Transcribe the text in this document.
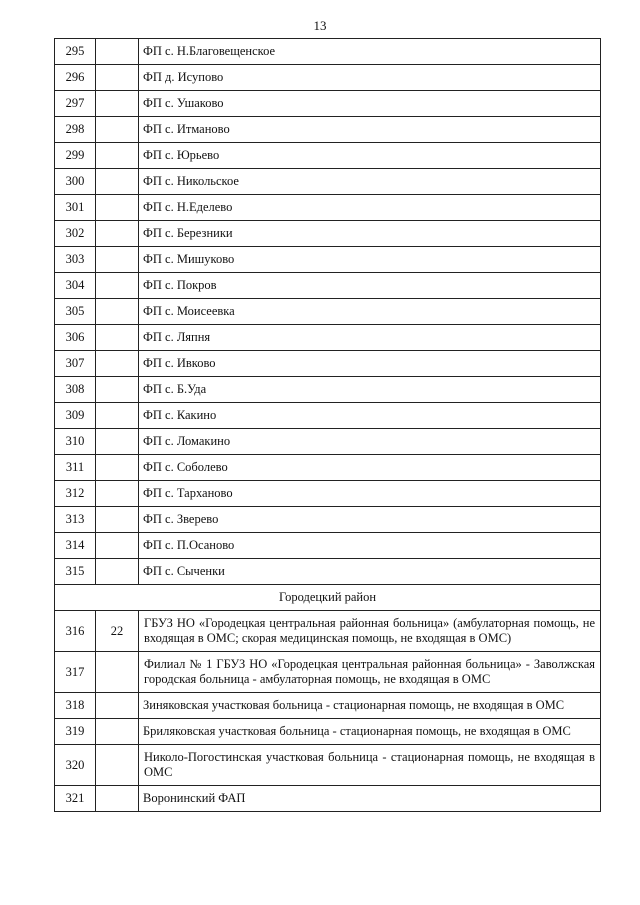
13
295		ФП с. Н.Благовещенское
296		ФП д. Исупово
297		ФП с. Ушаково
298		ФП с. Итманово
299		ФП с. Юрьево
300		ФП с. Никольское
301		ФП с. Н.Еделево
302		ФП с. Березники
303		ФП с. Мишуково
304		ФП с. Покров
305		ФП с. Моисеевка
306		ФП с. Ляпня
307		ФП с. Ивково
308		ФП с. Б.Уда
309		ФП с. Какино
310		ФП с. Ломакино
311		ФП с. Соболево
312		ФП с. Тарханово
313		ФП с. Зверево
314		ФП с. П.Осаново
315		ФП с. Сыченки
Городецкий район		
316	22	ГБУЗ НО «Городецкая центральная районная больница» (амбулаторная помощь, не входящая в ОМС; скорая медицинская помощь, не входящая в ОМС)
317		Филиал № 1 ГБУЗ НО «Городецкая центральная районная больница» - Заволжская городская больница - амбулаторная помощь, не входящая в ОМС
318		Зиняковская участковая больница - стационарная помощь, не входящая в ОМС
319		Бриляковская участковая больница - стационарная помощь, не входящая в ОМС
320		Николо-Погостинская участковая больница - стационарная помощь, не входящая в ОМС
321		Воронинский ФАП
